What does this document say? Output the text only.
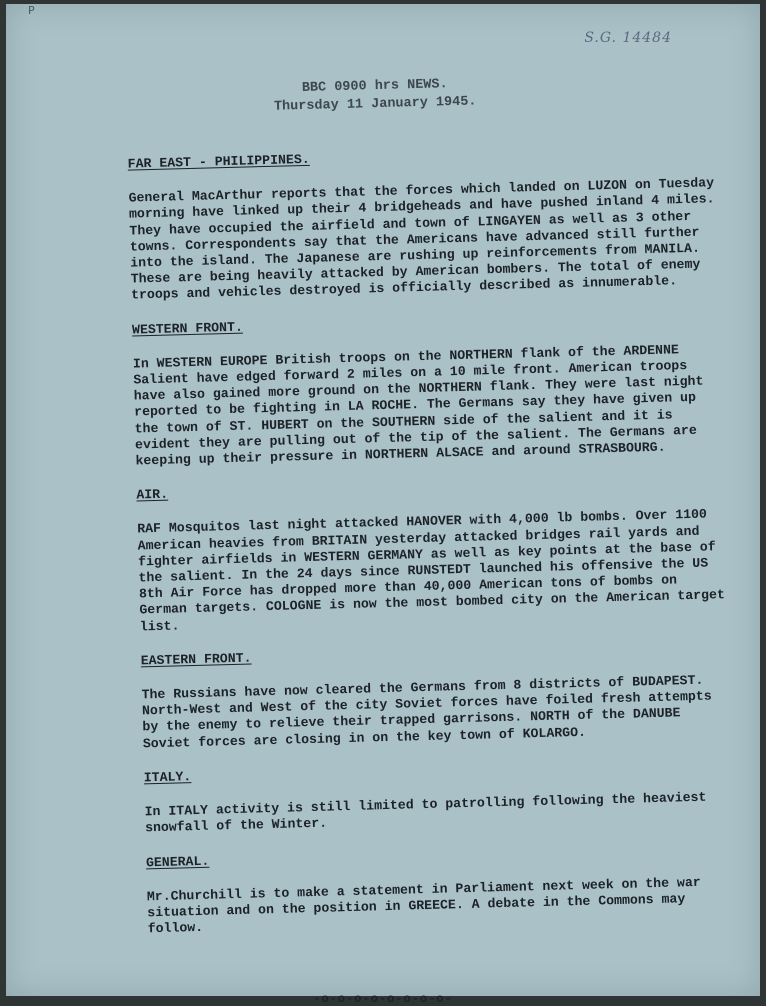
P
S.G. 14484
BBC 0900 hrs NEWS.
Thursday 11 January 1945.
FAR EAST - PHILIPPINES.
General MacArthur reports that the forces which landed on LUZON on Tuesday morning have linked up their 4 bridgeheads and have pushed inland 4 miles. They have occupied the airfield and town of LINGAYEN as well as 3 other towns. Correspondents say that the Americans have advanced still further into the island. The Japanese are rushing up reinforcements from MANILA. These are being heavily attacked by American bombers. The total of enemy troops and vehicles destroyed is officially described as innumerable.
WESTERN FRONT.
In WESTERN EUROPE British troops on the NORTHERN flank of the ARDENNE Salient have edged forward 2 miles on a 10 mile front. American troops have also gained more ground on the NORTHERN flank. They were last night reported to be fighting in LA ROCHE. The Germans say they have given up the town of ST. HUBERT on the SOUTHERN side of the salient and it is evident they are pulling out of the tip of the salient. The Germans are keeping up their pressure in NORTHERN ALSACE and around STRASBOURG.
AIR.
RAF Mosquitos last night attacked HANOVER with 4,000 lb bombs. Over 1100 American heavies from BRITAIN yesterday attacked bridges rail yards and fighter airfields in WESTERN GERMANY as well as key points at the base of the salient. In the 24 days since RUNSTEDT launched his offensive the US 8th Air Force has dropped more than 40,000 American tons of bombs on German targets. COLOGNE is now the most bombed city on the American target list.
EASTERN FRONT.
The Russians have now cleared the Germans from 8 districts of BUDAPEST. North-West and West of the city Soviet forces have foiled fresh attempts by the enemy to relieve their trapped garrisons. NORTH of the DANUBE Soviet forces are closing in on the key town of KOLARGO.
ITALY.
In ITALY activity is still limited to patrolling following the heaviest snowfall of the Winter.
GENERAL.
Mr.Churchill is to make a statement in Parliament next week on the war situation and on the position in GREECE. A debate in the Commons may follow.
-o-o-o-o-o-o-o-o-
